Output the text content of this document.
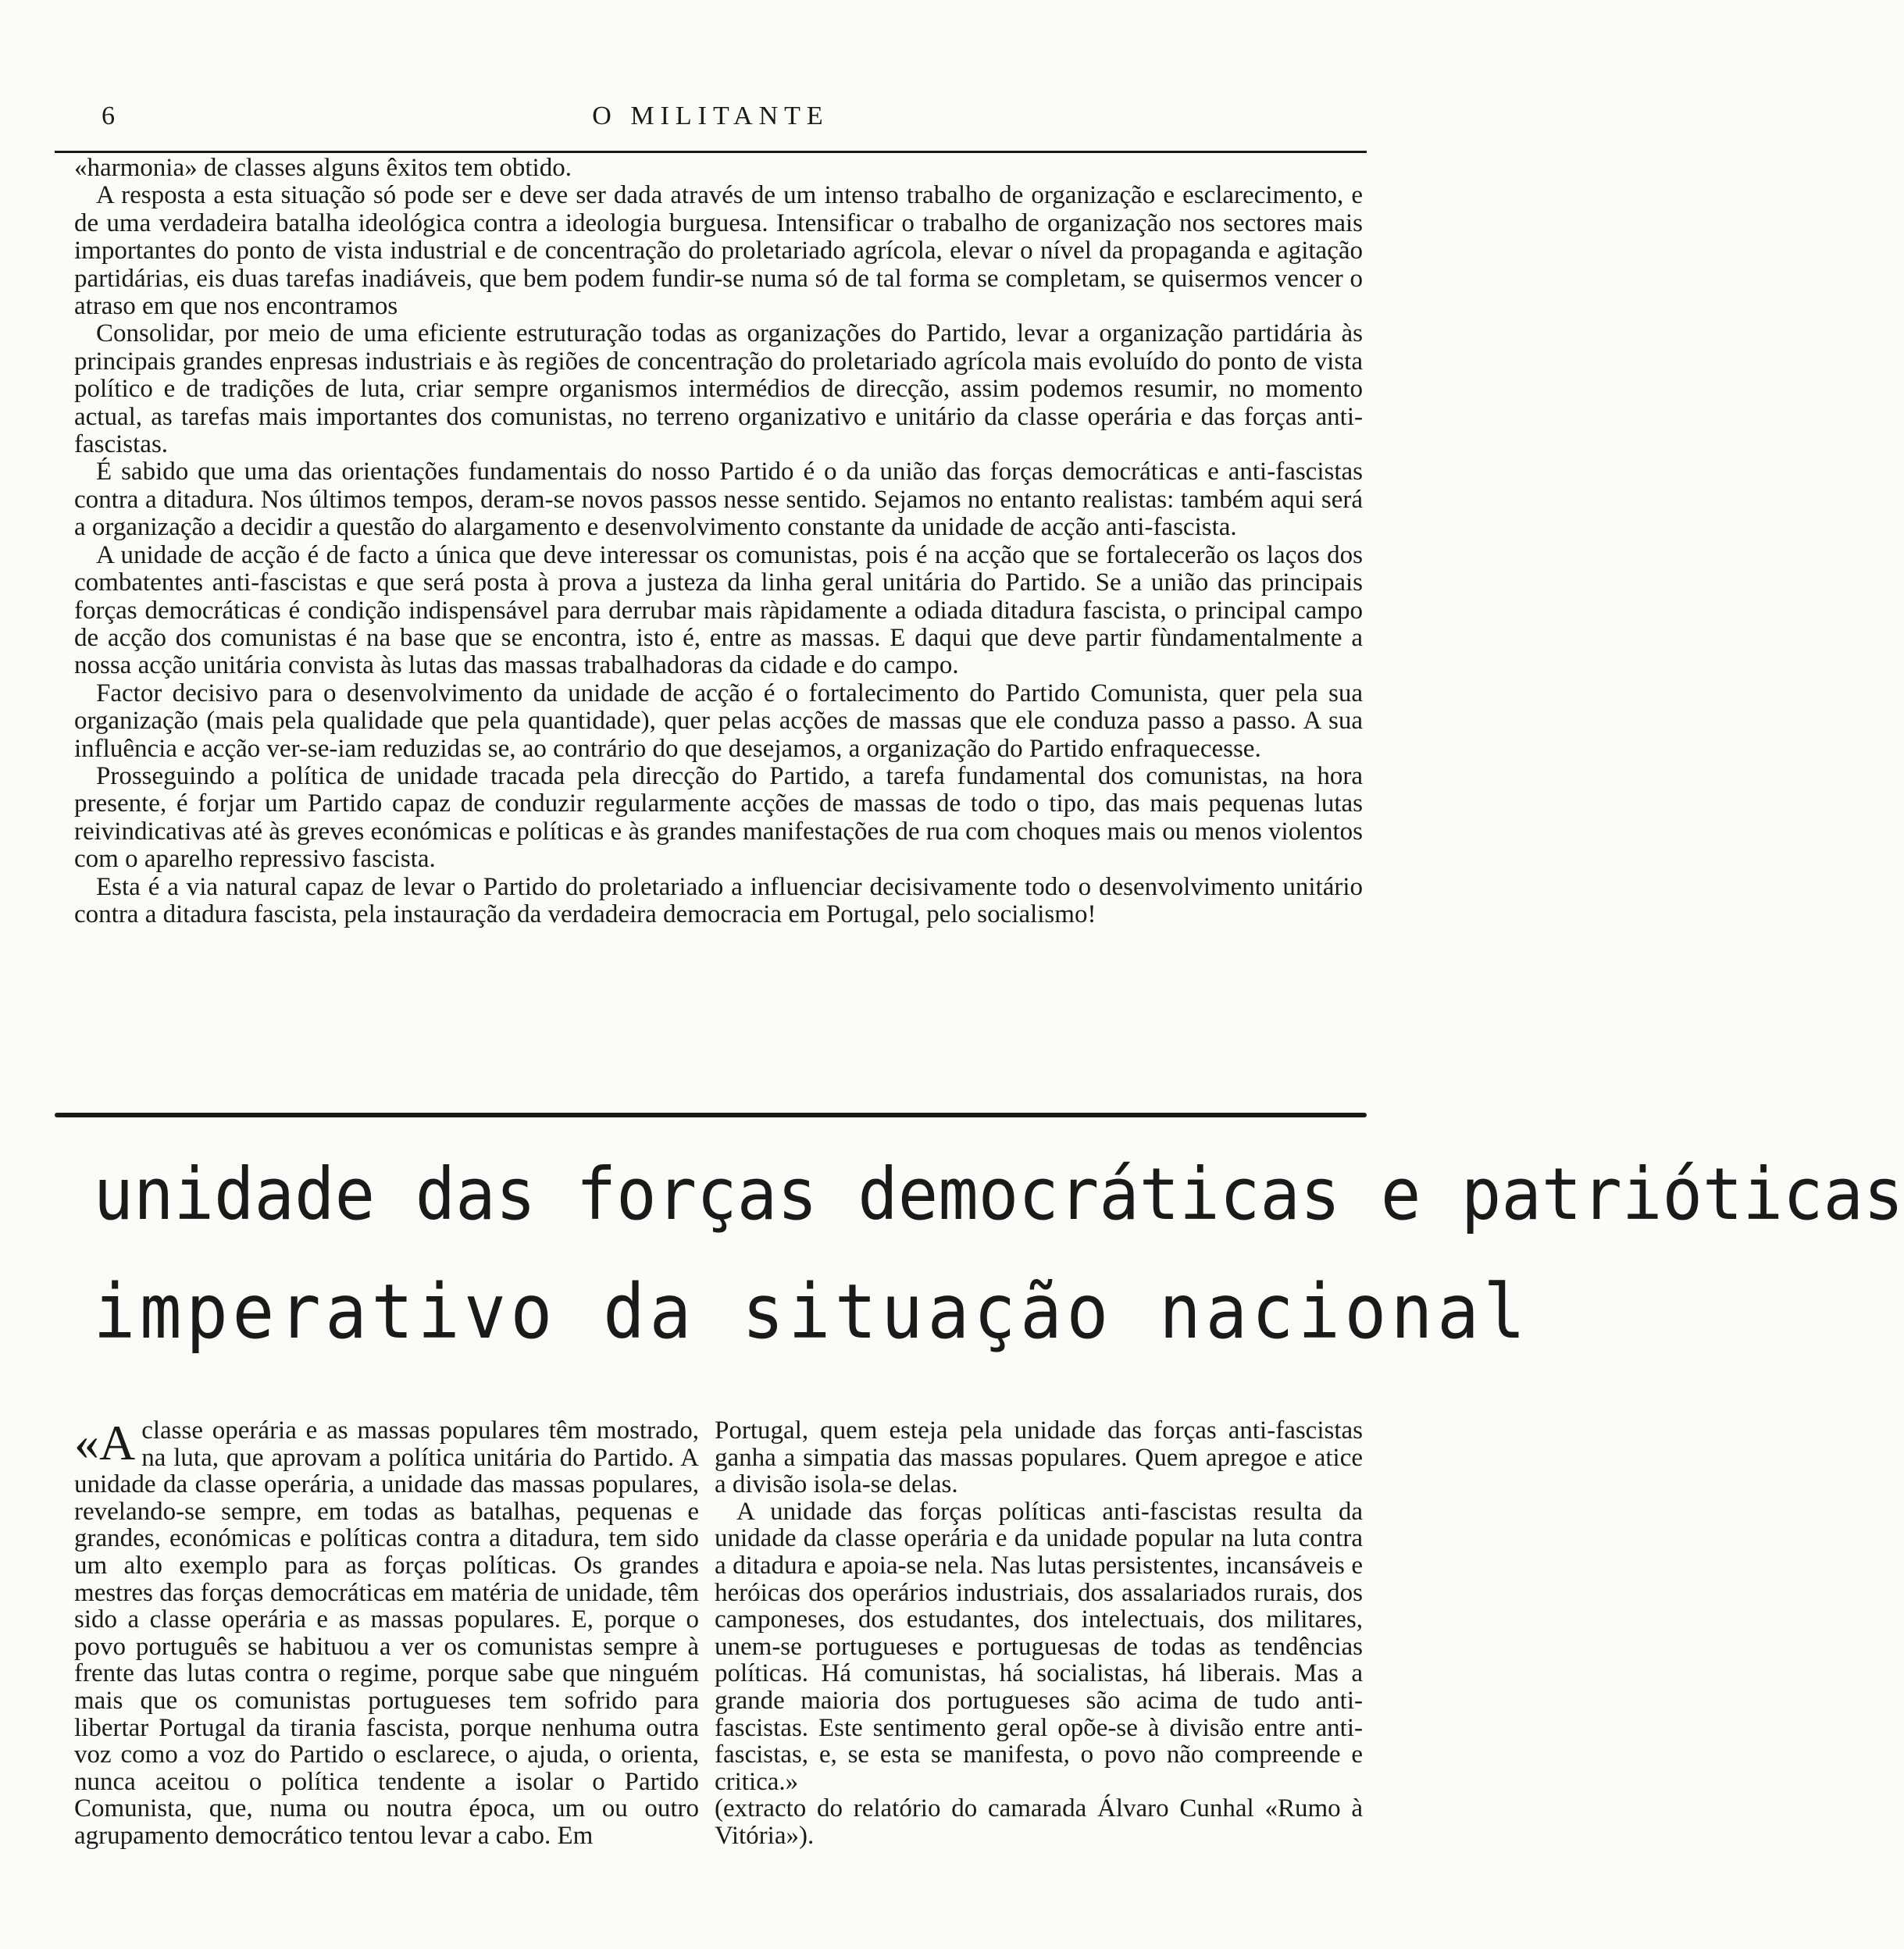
6	O MILITANTE

«harmonia» de classes alguns êxitos tem obtido.

A resposta a esta situação só pode ser e deve ser dada através de um intenso trabalho de organização e esclarecimento, e de uma verdadeira batalha ideológica contra a ideologia burguesa. Intensificar o trabalho de organização nos sectores mais importantes do ponto de vista industrial e de concentração do proletariado agrícola, elevar o nível da propaganda e agitação partidárias, eis duas tarefas inadiáveis, que bem podem fundir-se numa só de tal forma se completam, se quisermos vencer o atraso em que nos encontramos

Consolidar, por meio de uma eficiente estruturação todas as organizações do Partido, levar a organização partidária às principais grandes enpresas industriais e às regiões de concentração do proletariado agrícola mais evoluído do ponto de vista político e de tradições de luta, criar sempre organismos intermédios de direcção, assim podemos resumir, no momento actual, as tarefas mais importantes dos comunistas, no terreno organizativo e unitário da classe operária e das forças anti-fascistas.

É sabido que uma das orientações fundamentais do nosso Partido é o da união das forças democráticas e anti-fascistas contra a ditadura. Nos últimos tempos, deram-se novos passos nesse sentido. Sejamos no entanto realistas: também aqui será a organização a decidir a questão do alargamento e desenvolvimento constante da unidade de acção anti-fascista.

A unidade de acção é de facto a única que deve interessar os comunistas, pois é na acção que se fortalecerão os laços dos combatentes anti-fascistas e que será posta à prova a justeza da linha geral unitária do Partido. Se a união das principais forças democráticas é condição indispensável para derrubar mais ràpidamente a odiada ditadura fascista, o principal campo de acção dos comunistas é na base que se encontra, isto é, entre as massas. E daqui que deve partir fùndamentalmente a nossa acção unitária convista às lutas das massas trabalhadoras da cidade e do campo.

Factor decisivo para o desenvolvimento da unidade de acção é o fortalecimento do Partido Comunista, quer pela sua organização (mais pela qualidade que pela quantidade), quer pelas acções de massas que ele conduza passo a passo. A sua influência e acção ver-se-iam reduzidas se, ao contrário do que desejamos, a organização do Partido enfraquecesse.

Prosseguindo a política de unidade tracada pela direcção do Partido, a tarefa fundamental dos comunistas, na hora presente, é forjar um Partido capaz de conduzir regularmente acções de massas de todo o tipo, das mais pequenas lutas reivindicativas até às greves económicas e políticas e às grandes manifestações de rua com choques mais ou menos violentos com o aparelho repressivo fascista.

Esta é a via natural capaz de levar o Partido do proletariado a influenciar decisivamente todo o desenvolvimento unitário contra a ditadura fascista, pela instauração da verdadeira democracia em Portugal, pelo socialismo!

unidade das forças democráticas e patrióticas
imperativo da situação nacional

«Aclasse operária e as massas populares têm mostrado, na luta, que aprovam a política unitária do Partido. A unidade da classe operária, a unidade das massas populares, revelando-se sempre, em todas as batalhas, pequenas e grandes, económicas e políticas contra a ditadura, tem sido um alto exemplo para as forças políticas. Os grandes mestres das forças democráticas em matéria de unidade, têm sido a classe operária e as massas populares. E, porque o povo português se habituou a ver os comunistas sempre à frente das lutas contra o regime, porque sabe que ninguém mais que os comunistas portugueses tem sofrido para libertar Portugal da tirania fascista, porque nenhuma outra voz como a voz do Partido o esclarece, o ajuda, o orienta, nunca aceitou o política tendente a isolar o Partido Comunista, que, numa ou noutra época, um ou outro agrupamento democrático tentou levar a cabo. Em

Portugal, quem esteja pela unidade das forças anti-fascistas ganha a simpatia das massas populares. Quem apregoe e atice a divisão isola-se delas.

A unidade das forças políticas anti-fascistas resulta da unidade da classe operária e da unidade popular na luta contra a ditadura e apoia-se nela. Nas lutas persistentes, incansáveis e heróicas dos operários industriais, dos assalariados rurais, dos camponeses, dos estudantes, dos intelectuais, dos militares, unem-se portugueses e portuguesas de todas as tendências políticas. Há comunistas, há socialistas, há liberais. Mas a grande maioria dos portugueses são acima de tudo anti-fascistas. Este sentimento geral opõe-se à divisão entre anti-fascistas, e, se esta se manifesta, o povo não compreende e critica.»

(extracto do relatório do camarada Álvaro Cunhal «Rumo à Vitória»).
